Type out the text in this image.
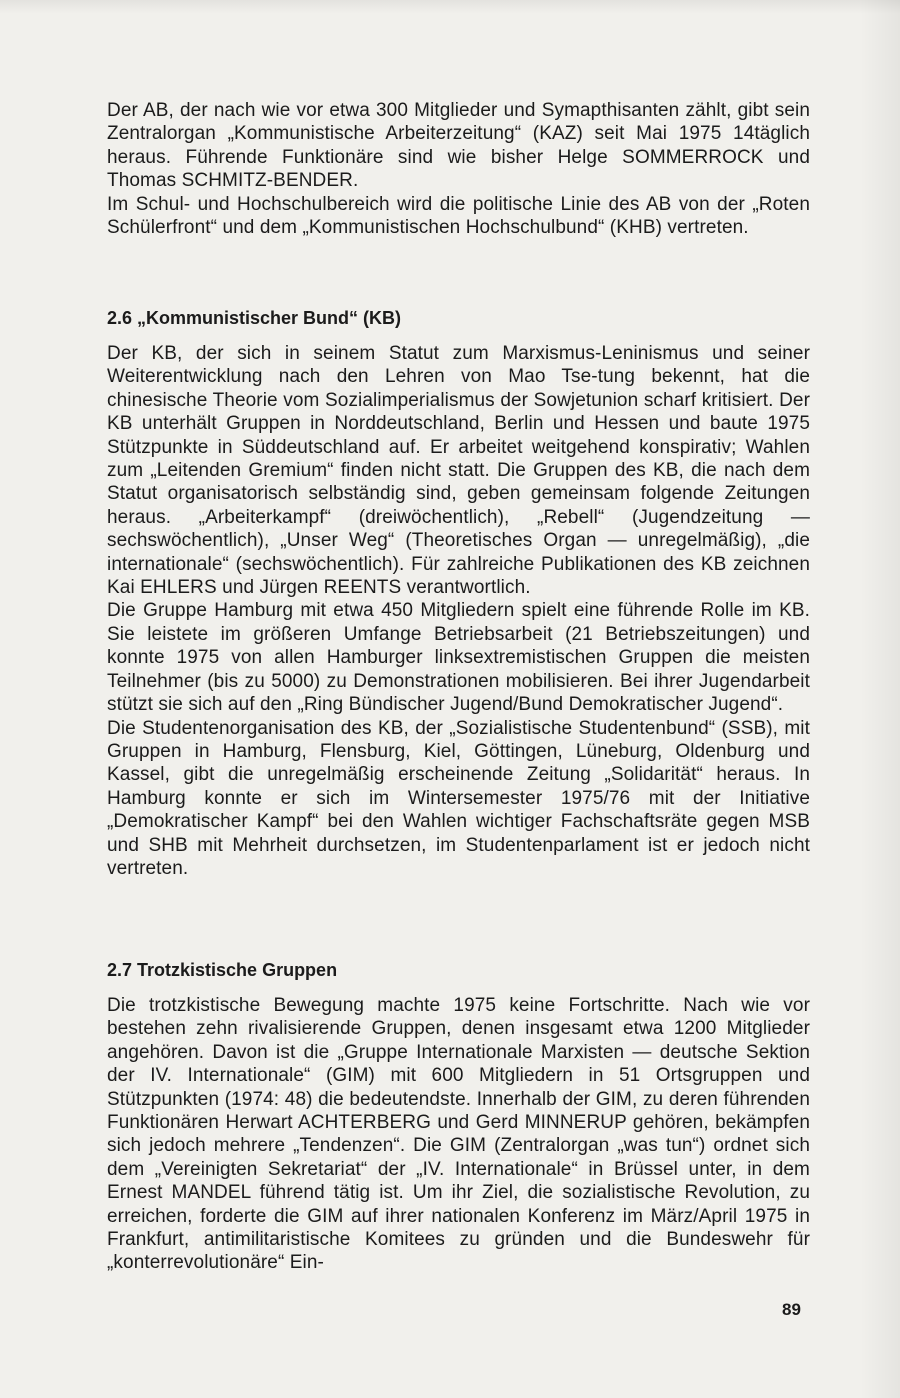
Der AB, der nach wie vor etwa 300 Mitglieder und Symapthisanten zählt, gibt sein Zentralorgan „Kommunistische Arbeiterzeitung“ (KAZ) seit Mai 1975 14täglich heraus. Führende Funktionäre sind wie bisher Helge SOMMERROCK und Thomas SCHMITZ-BENDER.

Im Schul- und Hochschulbereich wird die politische Linie des AB von der „Roten Schülerfront“ und dem „Kommunistischen Hochschulbund“ (KHB) vertreten.

2.6 „Kommunistischer Bund“ (KB)

Der KB, der sich in seinem Statut zum Marxismus-Leninismus und seiner Weiterentwicklung nach den Lehren von Mao Tse-tung bekennt, hat die chinesische Theorie vom Sozialimperialismus der Sowjetunion scharf kritisiert. Der KB unterhält Gruppen in Norddeutschland, Berlin und Hessen und baute 1975 Stützpunkte in Süddeutschland auf. Er arbeitet weitgehend konspirativ; Wahlen zum „Leitenden Gremium“ finden nicht statt. Die Gruppen des KB, die nach dem Statut organisatorisch selbständig sind, geben gemeinsam folgende Zeitungen heraus. „Arbeiterkampf“ (dreiwöchentlich), „Rebell“ (Jugendzeitung — sechswöchentlich), „Unser Weg“ (Theoretisches Organ — unregelmäßig), „die internationale“ (sechswöchentlich). Für zahlreiche Publikationen des KB zeichnen Kai EHLERS und Jürgen REENTS verantwortlich.

Die Gruppe Hamburg mit etwa 450 Mitgliedern spielt eine führende Rolle im KB. Sie leistete im größeren Umfange Betriebsarbeit (21 Betriebszeitungen) und konnte 1975 von allen Hamburger linksextremistischen Gruppen die meisten Teilnehmer (bis zu 5000) zu Demonstrationen mobilisieren. Bei ihrer Jugendarbeit stützt sie sich auf den „Ring Bündischer Jugend/Bund Demokratischer Jugend“.

Die Studentenorganisation des KB, der „Sozialistische Studentenbund“ (SSB), mit Gruppen in Hamburg, Flensburg, Kiel, Göttingen, Lüneburg, Oldenburg und Kassel, gibt die unregelmäßig erscheinende Zeitung „Solidarität“ heraus. In Hamburg konnte er sich im Wintersemester 1975/76 mit der Initiative „Demokratischer Kampf“ bei den Wahlen wichtiger Fachschaftsräte gegen MSB und SHB mit Mehrheit durchsetzen, im Studentenparlament ist er jedoch nicht vertreten.

2.7 Trotzkistische Gruppen

Die trotzkistische Bewegung machte 1975 keine Fortschritte. Nach wie vor bestehen zehn rivalisierende Gruppen, denen insgesamt etwa 1200 Mitglieder angehören. Davon ist die „Gruppe Internationale Marxisten — deutsche Sektion der IV. Internationale“ (GIM) mit 600 Mitgliedern in 51 Ortsgruppen und Stützpunkten (1974: 48) die bedeutendste. Innerhalb der GIM, zu deren führenden Funktionären Herwart ACHTERBERG und Gerd MINNERUP gehören, bekämpfen sich jedoch mehrere „Tendenzen“. Die GIM (Zentralorgan „was tun“) ordnet sich dem „Vereinigten Sekretariat“ der „IV. Internationale“ in Brüssel unter, in dem Ernest MANDEL führend tätig ist. Um ihr Ziel, die sozialistische Revolution, zu erreichen, forderte die GIM auf ihrer nationalen Konferenz im März/April 1975 in Frankfurt, antimilitaristische Komitees zu gründen und die Bundeswehr für „konterrevolutionäre“ Ein-

89
